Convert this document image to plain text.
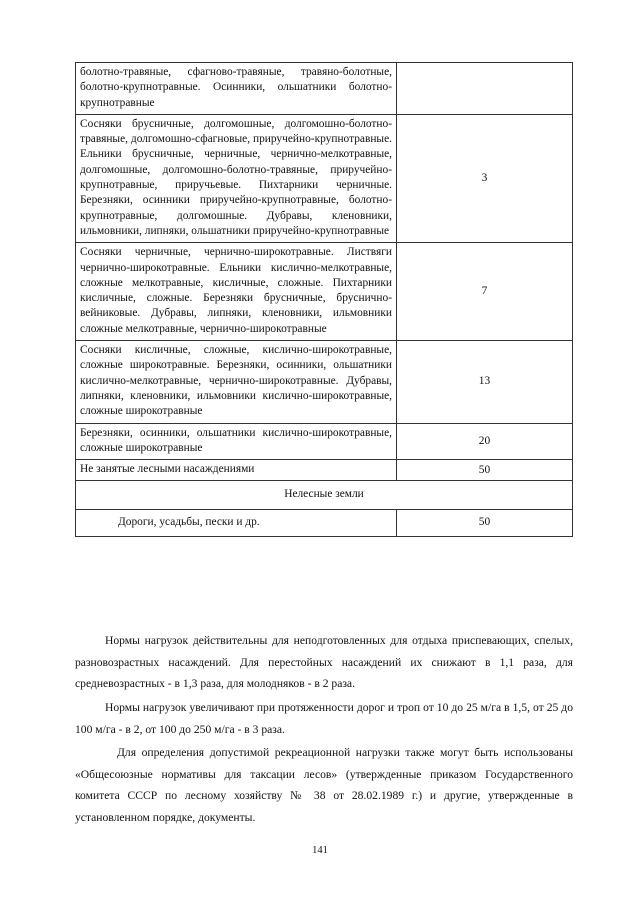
болотно-травяные, сфагново-травяные, травяно-болотные, болотно-крупнотравные. Осинники, ольшатники болотно-крупнотравные	
Сосняки брусничные, долгомошные, долгомошно-болотно-травяные, долгомошно-сфагновые, приручейно-крупнотравные. Ельники брусничные, черничные, чернично-мелкотравные, долгомошные, долгомошно-болотно-травяные, приручейно-крупнотравные, приручьевые. Пихтарники черничные. Березняки, осинники приручейно-крупнотравные, болотно-крупнотравные, долгомошные. Дубравы, кленовники, ильмовники, липняки, ольшатники приручейно-крупнотравные	3
Сосняки черничные, чернично-широкотравные. Листвяги чернично-широкотравные. Ельники кислично-мелкотравные, сложные мелкотравные, кисличные, сложные. Пихтарники кисличные, сложные. Березняки брусничные, бруснично-вейниковые. Дубравы, липняки, кленовники, ильмовники сложные мелкотравные, чернично-широкотравные	7
Сосняки кисличные, сложные, кислично-широкотравные, сложные широкотравные. Березняки, осинники, ольшатники кислично-мелкотравные, чернично-широкотравные. Дубравы, липняки, кленовники, ильмовники кислично-широкотравные, сложные широкотравные	13
Березняки, осинники, ольшатники кислично-широкотравные, сложные широкотравные	20
Не занятые лесными насаждениями	50
Нелесные земли	
Дороги, усадьбы, пески и др.	50

Нормы нагрузок действительны для неподготовленных для отдыха приспевающих, спелых, разновозрастных насаждений. Для перестойных насаждений их снижают в 1,1 раза, для средневозрастных - в 1,3 раза, для молодняков - в 2 раза.

Нормы нагрузок увеличивают при протяженности дорог и троп от 10 до 25 м/га в 1,5, от 25 до 100 м/га - в 2, от 100 до 250 м/га - в 3 раза.

Для определения допустимой рекреационной нагрузки также могут быть использованы «Общесоюзные нормативы для таксации лесов» (утвержденные приказом Государственного комитета СССР по лесному хозяйству № 38 от 28.02.1989 г.) и другие, утвержденные в установленном порядке, документы.

141
